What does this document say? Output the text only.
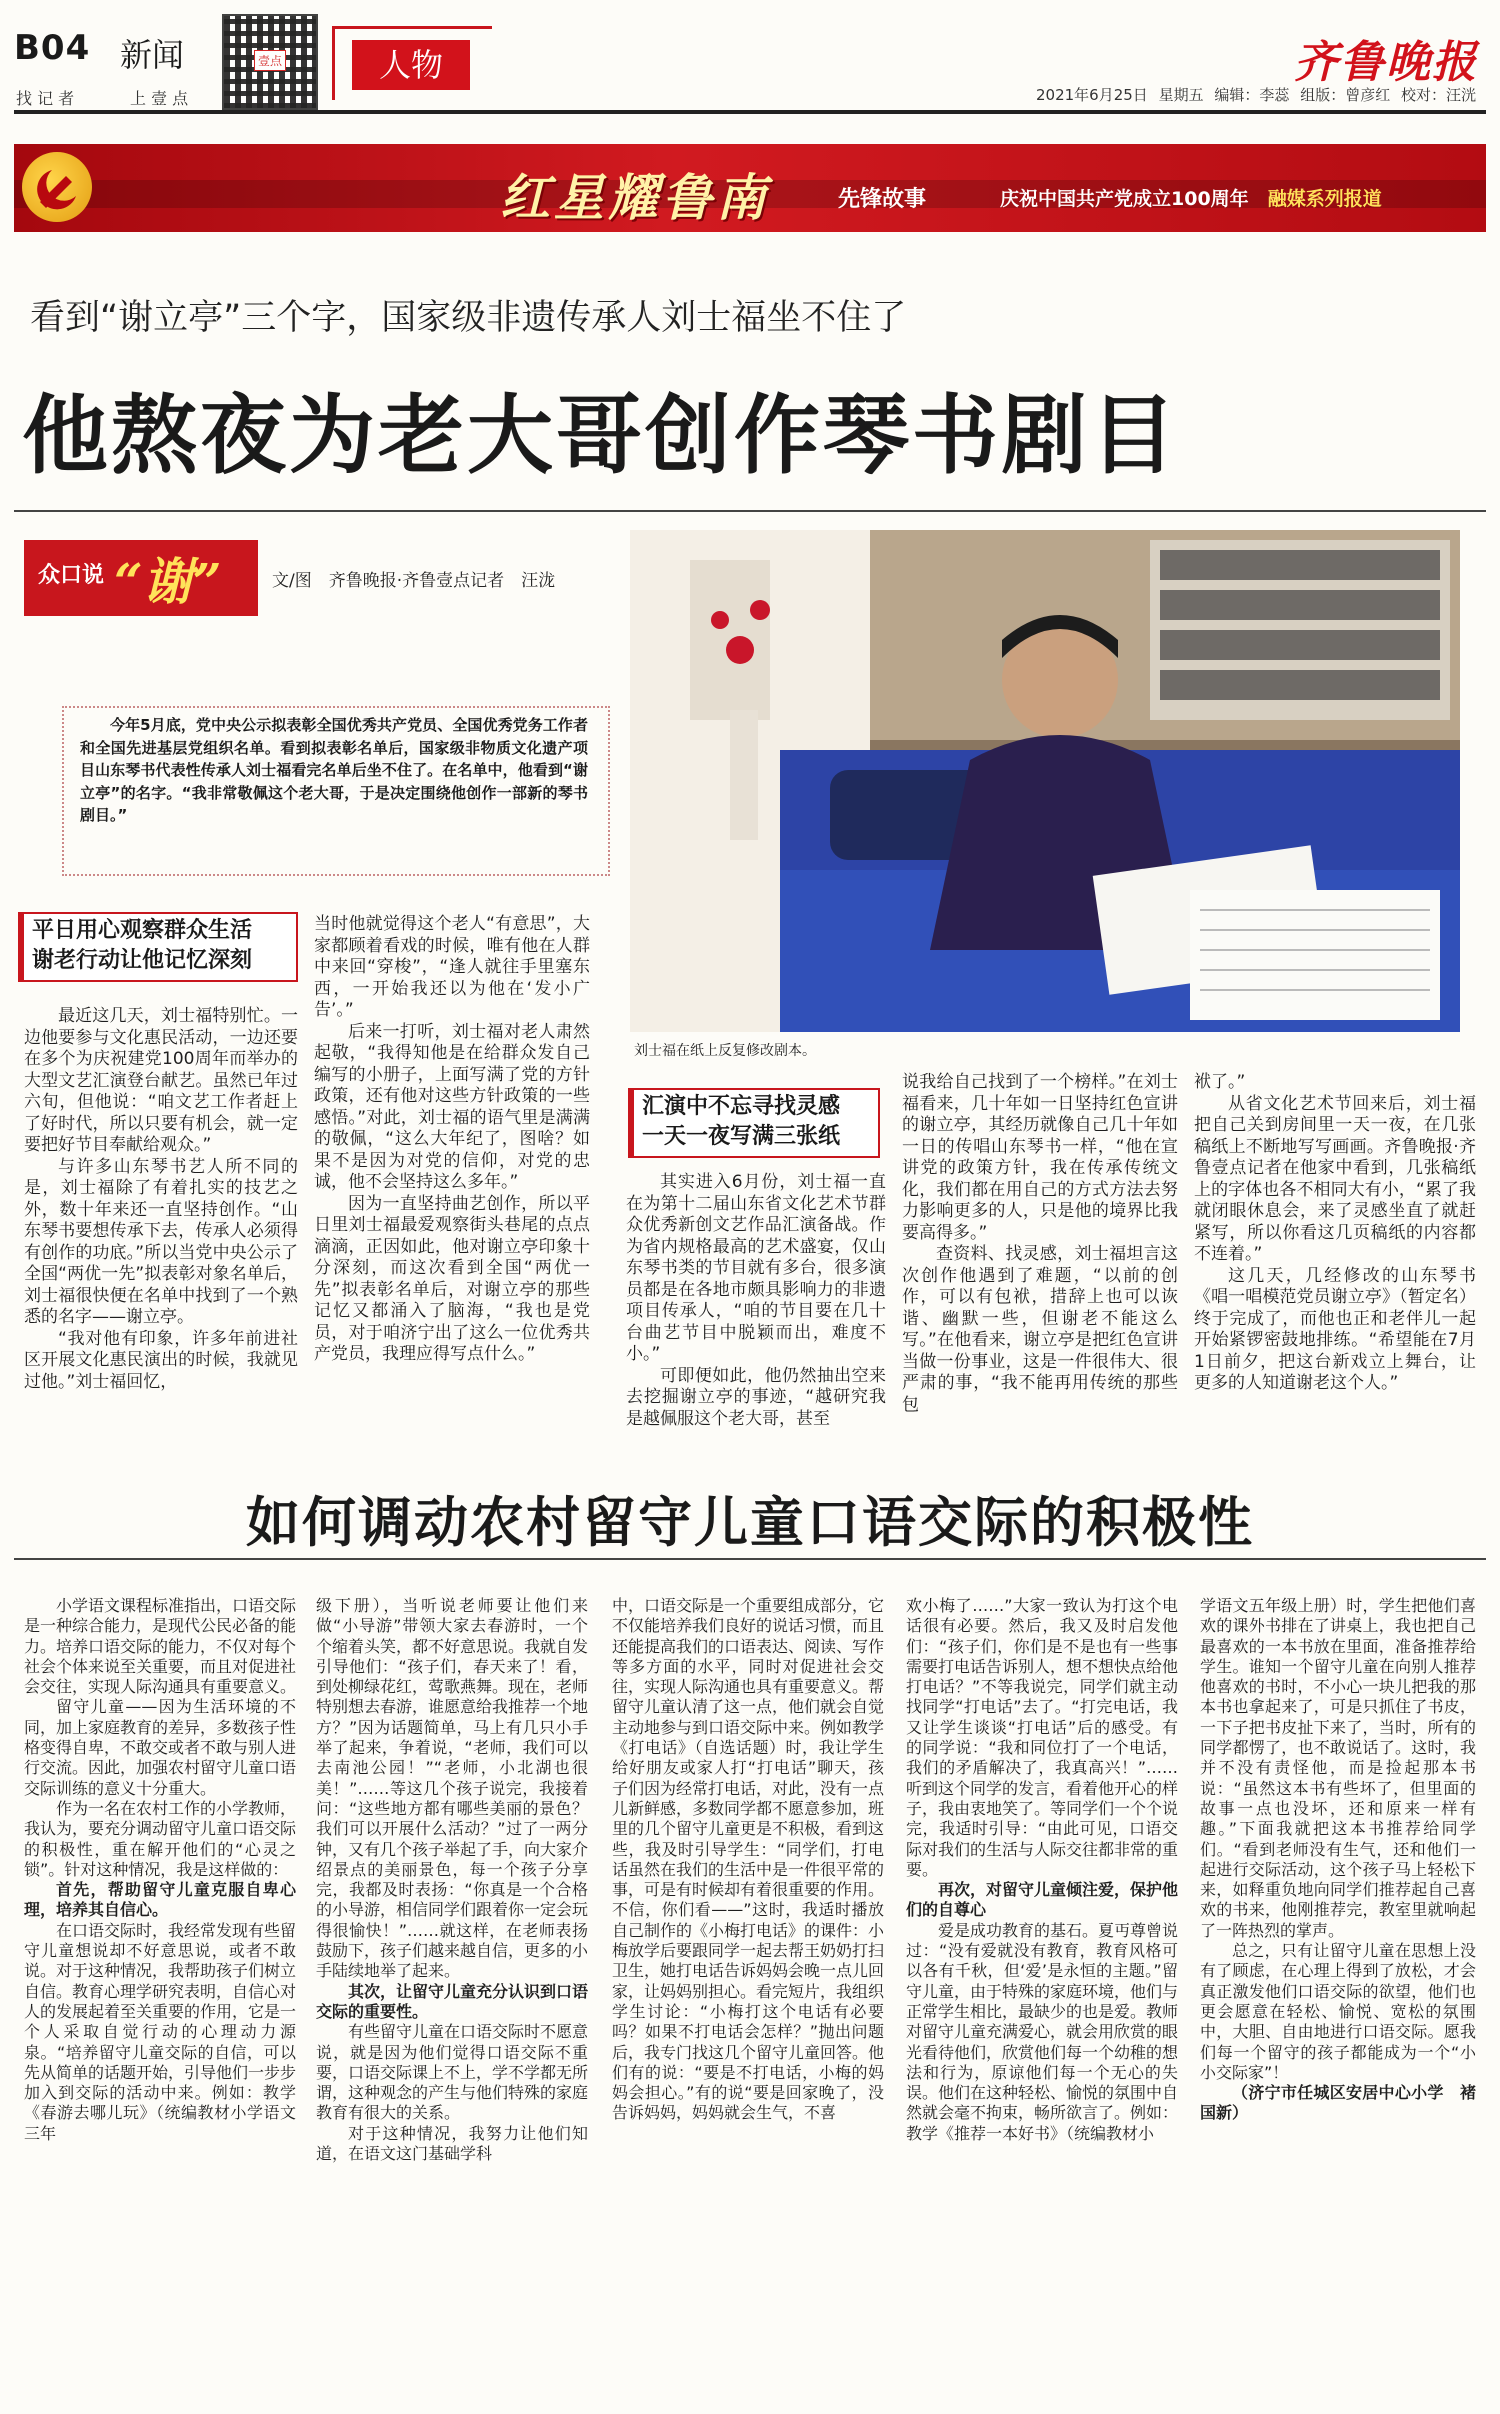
B04 新闻
找 记 者	上 壹 点
壹点	人物	齐鲁晚报
2021年6月25日 星期五 编辑：李蕊 组版：曾彦红 校对：汪洸
红星耀鲁南	先锋故事	庆祝中国共产党成立100周年　 融媒系列报道
看到“谢立亭”三个字，国家级非遗传承人刘士福坐不住了
他熬夜为老大哥创作琴书剧目
众口说 “谢”	文/图　齐鲁晚报·齐鲁壹点记者　汪泷

今年5月底，党中央公示拟表彰全国优秀共产党员、全国优秀党务工作者和全国先进基层党组织名单。看到拟表彰名单后，国家级非物质文化遗产项目山东琴书代表性传承人刘士福看完名单后坐不住了。在名单中，他看到“谢立亭”的名字。“我非常敬佩这个老大哥，于是决定围绕他创作一部新的琴书剧目。”

刘士福在纸上反复修改剧本。
平日用心观察群众生活
谢老行动让他记忆深刻
汇演中不忘寻找灵感
一天一夜写满三张纸

最近这几天，刘士福特别忙。一边他要参与文化惠民活动，一边还要在多个为庆祝建党100周年而举办的大型文艺汇演登台献艺。虽然已年过六旬，但他说：“咱文艺工作者赶上了好时代，所以只要有机会，就一定要把好节目奉献给观众。”

与许多山东琴书艺人所不同的是，刘士福除了有着扎实的技艺之外，数十年来还一直坚持创作。“山东琴书要想传承下去，传承人必须得有创作的功底。”所以当党中央公示了全国“两优一先”拟表彰对象名单后，刘士福很快便在名单中找到了一个熟悉的名字——谢立亭。

“我对他有印象，许多年前进社区开展文化惠民演出的时候，我就见过他。”刘士福回忆，

当时他就觉得这个老人“有意思”，大家都顾着看戏的时候，唯有他在人群中来回“穿梭”，“逢人就往手里塞东西，一开始我还以为他在‘发小广告’。”

后来一打听，刘士福对老人肃然起敬，“我得知他是在给群众发自己编写的小册子，上面写满了党的方针政策，还有他对这些方针政策的一些感悟。”对此，刘士福的语气里是满满的敬佩，“这么大年纪了，图啥？如果不是因为对党的信仰，对党的忠诚，他不会坚持这么多年。”

因为一直坚持曲艺创作，所以平日里刘士福最爱观察街头巷尾的点点滴滴，正因如此，他对谢立亭印象十分深刻，而这次看到全国“两优一先”拟表彰名单后，对谢立亭的那些记忆又都涌入了脑海，“我也是党员，对于咱济宁出了这么一位优秀共产党员，我理应得写点什么。”

其实进入6月份，刘士福一直在为第十二届山东省文化艺术节群众优秀新创文艺作品汇演备战。作为省内规格最高的艺术盛宴，仅山东琴书类的节目就有多台，很多演员都是在各地市颇具影响力的非遗项目传承人，“咱的节目要在几十台曲艺节目中脱颖而出，难度不小。”

可即便如此，他仍然抽出空来去挖掘谢立亭的事迹，“越研究我是越佩服这个老大哥，甚至

说我给自己找到了一个榜样。”在刘士福看来，几十年如一日坚持红色宣讲的谢立亭，其经历就像自己几十年如一日的传唱山东琴书一样，“他在宣讲党的政策方针，我在传承传统文化，我们都在用自己的方式方法去努力影响更多的人，只是他的境界比我要高得多。”

查资料、找灵感，刘士福坦言这次创作他遇到了难题，“以前的创作，可以有包袱，措辞上也可以诙谐、幽默一些，但谢老不能这么写。”在他看来，谢立亭是把红色宣讲当做一份事业，这是一件很伟大、很严肃的事，“我不能再用传统的那些包

袱了。”

从省文化艺术节回来后，刘士福把自己关到房间里一天一夜，在几张稿纸上不断地写写画画。齐鲁晚报·齐鲁壹点记者在他家中看到，几张稿纸上的字体也各不相同大有小，“累了我就闭眼休息会，来了灵感坐直了就赶紧写，所以你看这几页稿纸的内容都不连着。”

这几天，几经修改的山东琴书《唱一唱模范党员谢立亭》（暂定名）终于完成了，而他也正和老伴儿一起开始紧锣密鼓地排练。“希望能在7月1日前夕，把这台新戏立上舞台，让更多的人知道谢老这个人。”

如何调动农村留守儿童口语交际的积极性

小学语文课程标准指出，口语交际是一种综合能力，是现代公民必备的能力。培养口语交际的能力，不仅对每个社会个体来说至关重要，而且对促进社会交往，实现人际沟通具有重要意义。

留守儿童——因为生活环境的不同，加上家庭教育的差异，多数孩子性格变得自卑，不敢交或者不敢与别人进行交流。因此，加强农村留守儿童口语交际训练的意义十分重大。

作为一名在农村工作的小学教师，我认为，要充分调动留守儿童口语交际的积极性，重在解开他们的“心灵之锁”。针对这种情况，我是这样做的：

首先，帮助留守儿童克服自卑心理，培养其自信心。

在口语交际时，我经常发现有些留守儿童想说却不好意思说，或者不敢说。对于这种情况，我帮助孩子们树立自信。教育心理学研究表明，自信心对人的发展起着至关重要的作用，它是一个人采取自觉行动的心理动力源泉。“培养留守儿童交际的自信，可以先从简单的话题开始，引导他们一步步加入到交际的活动中来。例如：教学《春游去哪儿玩》（统编教材小学语文三年

级下册），当听说老师要让他们来做“小导游”带领大家去春游时，一个个缩着头笑，都不好意思说。我就自发引导他们：“孩子们，春天来了！看，到处柳绿花红，莺歌燕舞。现在，老师特别想去春游，谁愿意给我推荐一个地方？”因为话题简单，马上有几只小手举了起来，争着说，“老师，我们可以去南池公园！”“老师，小北湖也很美！”……等这几个孩子说完，我接着问：“这些地方都有哪些美丽的景色？我们可以开展什么活动？”过了一两分钟，又有几个孩子举起了手，向大家介绍景点的美丽景色，每一个孩子分享完，我都及时表扬：“你真是一个合格的小导游，相信同学们跟着你一定会玩得很愉快！”……就这样，在老师表扬鼓励下，孩子们越来越自信，更多的小手陆续地举了起来。

其次，让留守儿童充分认识到口语交际的重要性。

有些留守儿童在口语交际时不愿意说，就是因为他们觉得口语交际不重要，口语交际课上不上，学不学都无所谓，这种观念的产生与他们特殊的家庭教育有很大的关系。

对于这种情况，我努力让他们知道，在语文这门基础学科

中，口语交际是一个重要组成部分，它不仅能培养我们良好的说话习惯，而且还能提高我们的口语表达、阅读、写作等多方面的水平，同时对促进社会交往，实现人际沟通也具有重要意义。帮留守儿童认清了这一点，他们就会自觉主动地参与到口语交际中来。例如教学《打电话》（自选话题）时，我让学生给好朋友或家人打“打电话”聊天，孩子们因为经常打电话，对此，没有一点儿新鲜感，多数同学都不愿意参加，班里的几个留守儿童更是不积极，看到这些，我及时引导学生：“同学们，打电话虽然在我们的生活中是一件很平常的事，可是有时候却有着很重要的作用。不信，你们看——”这时，我适时播放自己制作的《小梅打电话》的课件：小梅放学后要跟同学一起去帮王奶奶打扫卫生，她打电话告诉妈妈会晚一点儿回家，让妈妈别担心。看完短片，我组织学生讨论：“小梅打这个电话有必要吗？如果不打电话会怎样？”抛出问题后，我专门找这几个留守儿童回答。他们有的说：“要是不打电话，小梅的妈妈会担心。”有的说“要是回家晚了，没告诉妈妈，妈妈就会生气，不喜

欢小梅了……”大家一致认为打这个电话很有必要。然后，我又及时启发他们：“孩子们，你们是不是也有一些事需要打电话告诉别人，想不想快点给他打电话？”不等我说完，同学们就主动找同学“打电话”去了。“打完电话，我又让学生谈谈“打电话”后的感受。有的同学说：“我和同位打了一个电话，我们的矛盾解决了，我真高兴！”……听到这个同学的发言，看着他开心的样子，我由衷地笑了。等同学们一个个说完，我适时引导：“由此可见，口语交际对我们的生活与人际交往都非常的重要。

再次，对留守儿童倾注爱，保护他们的自尊心

爱是成功教育的基石。夏丏尊曾说过：“没有爱就没有教育，教育风格可以各有千秋，但‘爱’是永恒的主题。”留守儿童，由于特殊的家庭环境，他们与正常学生相比，最缺少的也是爱。教师对留守儿童充满爱心，就会用欣赏的眼光看待他们，欣赏他们每一个幼稚的想法和行为，原谅他们每一个无心的失误。他们在这种轻松、愉悦的氛围中自然就会毫不拘束，畅所欲言了。例如：教学《推荐一本好书》（统编教材小

学语文五年级上册）时，学生把他们喜欢的课外书排在了讲桌上，我也把自己最喜欢的一本书放在里面，准备推荐给学生。谁知一个留守儿童在向别人推荐他喜欢的书时，不小心一块儿把我的那本书也拿起来了，可是只抓住了书皮，一下子把书皮扯下来了，当时，所有的同学都愣了，也不敢说话了。这时，我并不没有责怪他，而是捡起那本书说：“虽然这本书有些坏了，但里面的故事一点也没坏，还和原来一样有趣。”下面我就把这本书推荐给同学们。“看到老师没有生气，还和他们一起进行交际活动，这个孩子马上轻松下来，如释重负地向同学们推荐起自己喜欢的书来，他刚推荐完，教室里就响起了一阵热烈的掌声。

总之，只有让留守儿童在思想上没有了顾虑，在心理上得到了放松，才会真正激发他们口语交际的欲望，他们也更会愿意在轻松、愉悦、宽松的氛围中，大胆、自由地进行口语交际。愿我们每一个留守的孩子都能成为一个“小小交际家”！

（济宁市任城区安居中心小学　褚国新）
